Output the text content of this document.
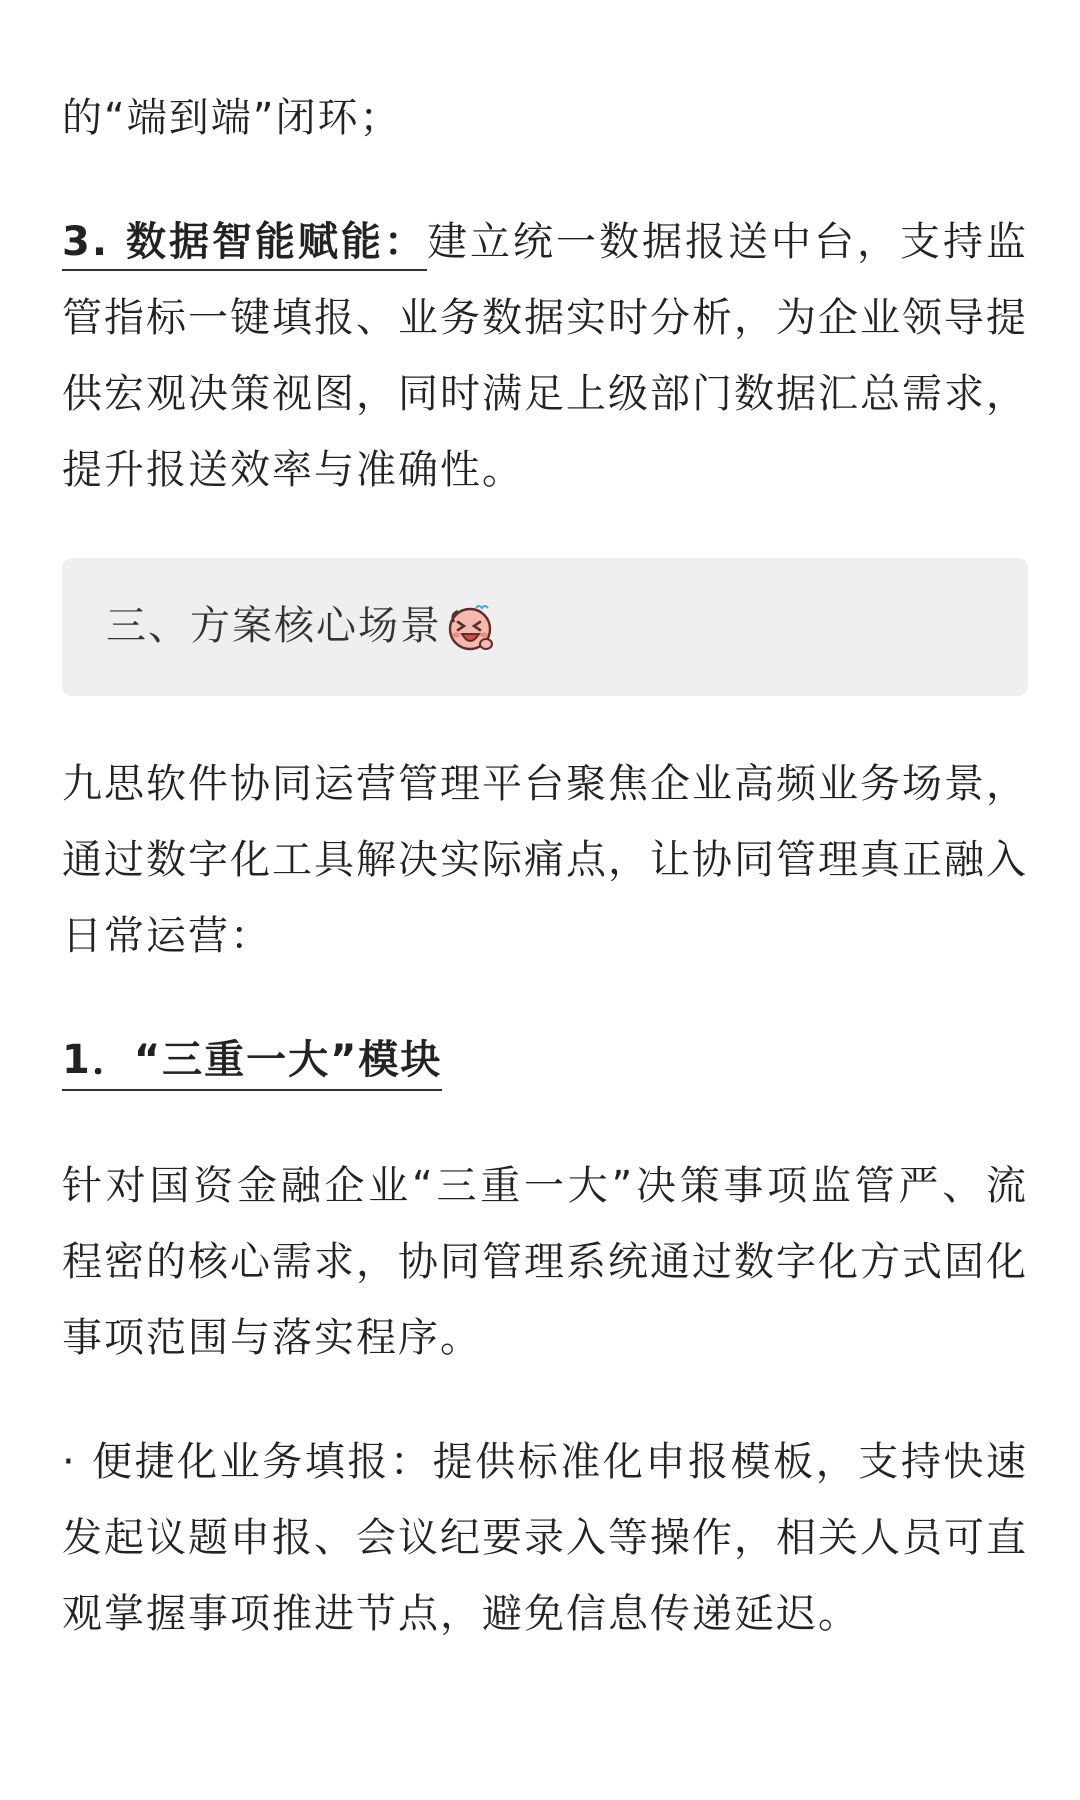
的“端到端”闭环；

3. 数据智能赋能：建立统一数据报送中台，支持监管指标一键填报、业务数据实时分析，为企业领导提供宏观决策视图，同时满足上级部门数据汇总需求，提升报送效率与准确性。

三、方案核心场景

九思软件协同运营管理平台聚焦企业高频业务场景，通过数字化工具解决实际痛点，让协同管理真正融入日常运营：

1．“三重一大”模块

针对国资金融企业“三重一大”决策事项监管严、流程密的核心需求，协同管理系统通过数字化方式固化事项范围与落实程序。

· 便捷化业务填报：提供标准化申报模板，支持快速发起议题申报、会议纪要录入等操作，相关人员可直观掌握事项推进节点，避免信息传递延迟。
